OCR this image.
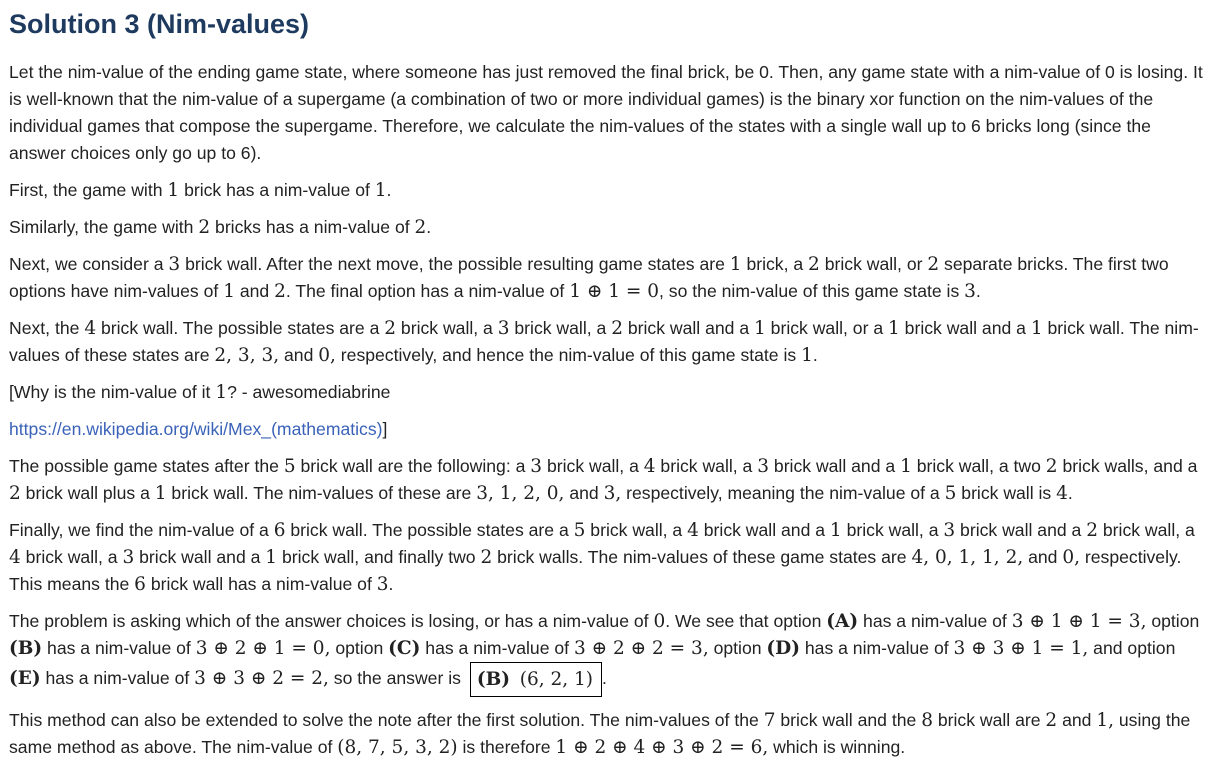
Solution 3 (Nim-values)

Let the nim-value of the ending game state, where someone has just removed the final brick, be 0. Then, any game state with a nim-value of 0 is losing. It is well-known that the nim-value of a supergame (a combination of two or more individual games) is the binary xor function on the nim-values of the individual games that compose the supergame. Therefore, we calculate the nim-values of the states with a single wall up to 6 bricks long (since the answer choices only go up to 6).

First, the game with 1 brick has a nim-value of 1.

Similarly, the game with 2 bricks has a nim-value of 2.

Next, we consider a 3 brick wall. After the next move, the possible resulting game states are 1 brick, a 2 brick wall, or 2 separate bricks. The first two options have nim-values of 1 and 2. The final option has a nim-value of 1 ⊕ 1 = 0, so the nim-value of this game state is 3.

Next, the 4 brick wall. The possible states are a 2 brick wall, a 3 brick wall, a 2 brick wall and a 1 brick wall, or a 1 brick wall and a 1 brick wall. The nim-values of these states are 2, 3, 3, and 0, respectively, and hence the nim-value of this game state is 1.

[Why is the nim-value of it 1? - awesomediabrine

https://en.wikipedia.org/wiki/Mex_(mathematics)]

The possible game states after the 5 brick wall are the following: a 3 brick wall, a 4 brick wall, a 3 brick wall and a 1 brick wall, a two 2 brick walls, and a 2 brick wall plus a 1 brick wall. The nim-values of these are 3, 1, 2, 0, and 3, respectively, meaning the nim-value of a 5 brick wall is 4.

Finally, we find the nim-value of a 6 brick wall. The possible states are a 5 brick wall, a 4 brick wall and a 1 brick wall, a 3 brick wall and a 2 brick wall, a 4 brick wall, a 3 brick wall and a 1 brick wall, and finally two 2 brick walls. The nim-values of these game states are 4, 0, 1, 1, 2, and 0, respectively. This means the 6 brick wall has a nim-value of 3.

The problem is asking which of the answer choices is losing, or has a nim-value of 0. We see that option (A) has a nim-value of 3 ⊕ 1 ⊕ 1 = 3, option (B) has a nim-value of 3 ⊕ 2 ⊕ 1 = 0, option (C) has a nim-value of 3 ⊕ 2 ⊕ 2 = 3, option (D) has a nim-value of 3 ⊕ 3 ⊕ 1 = 1, and option (E) has a nim-value of 3 ⊕ 3 ⊕ 2 = 2, so the answer is (B) (6, 2, 1) .

This method can also be extended to solve the note after the first solution. The nim-values of the 7 brick wall and the 8 brick wall are 2 and 1, using the same method as above. The nim-value of (8, 7, 5, 3, 2) is therefore 1 ⊕ 2 ⊕ 4 ⊕ 3 ⊕ 2 = 6, which is winning.
